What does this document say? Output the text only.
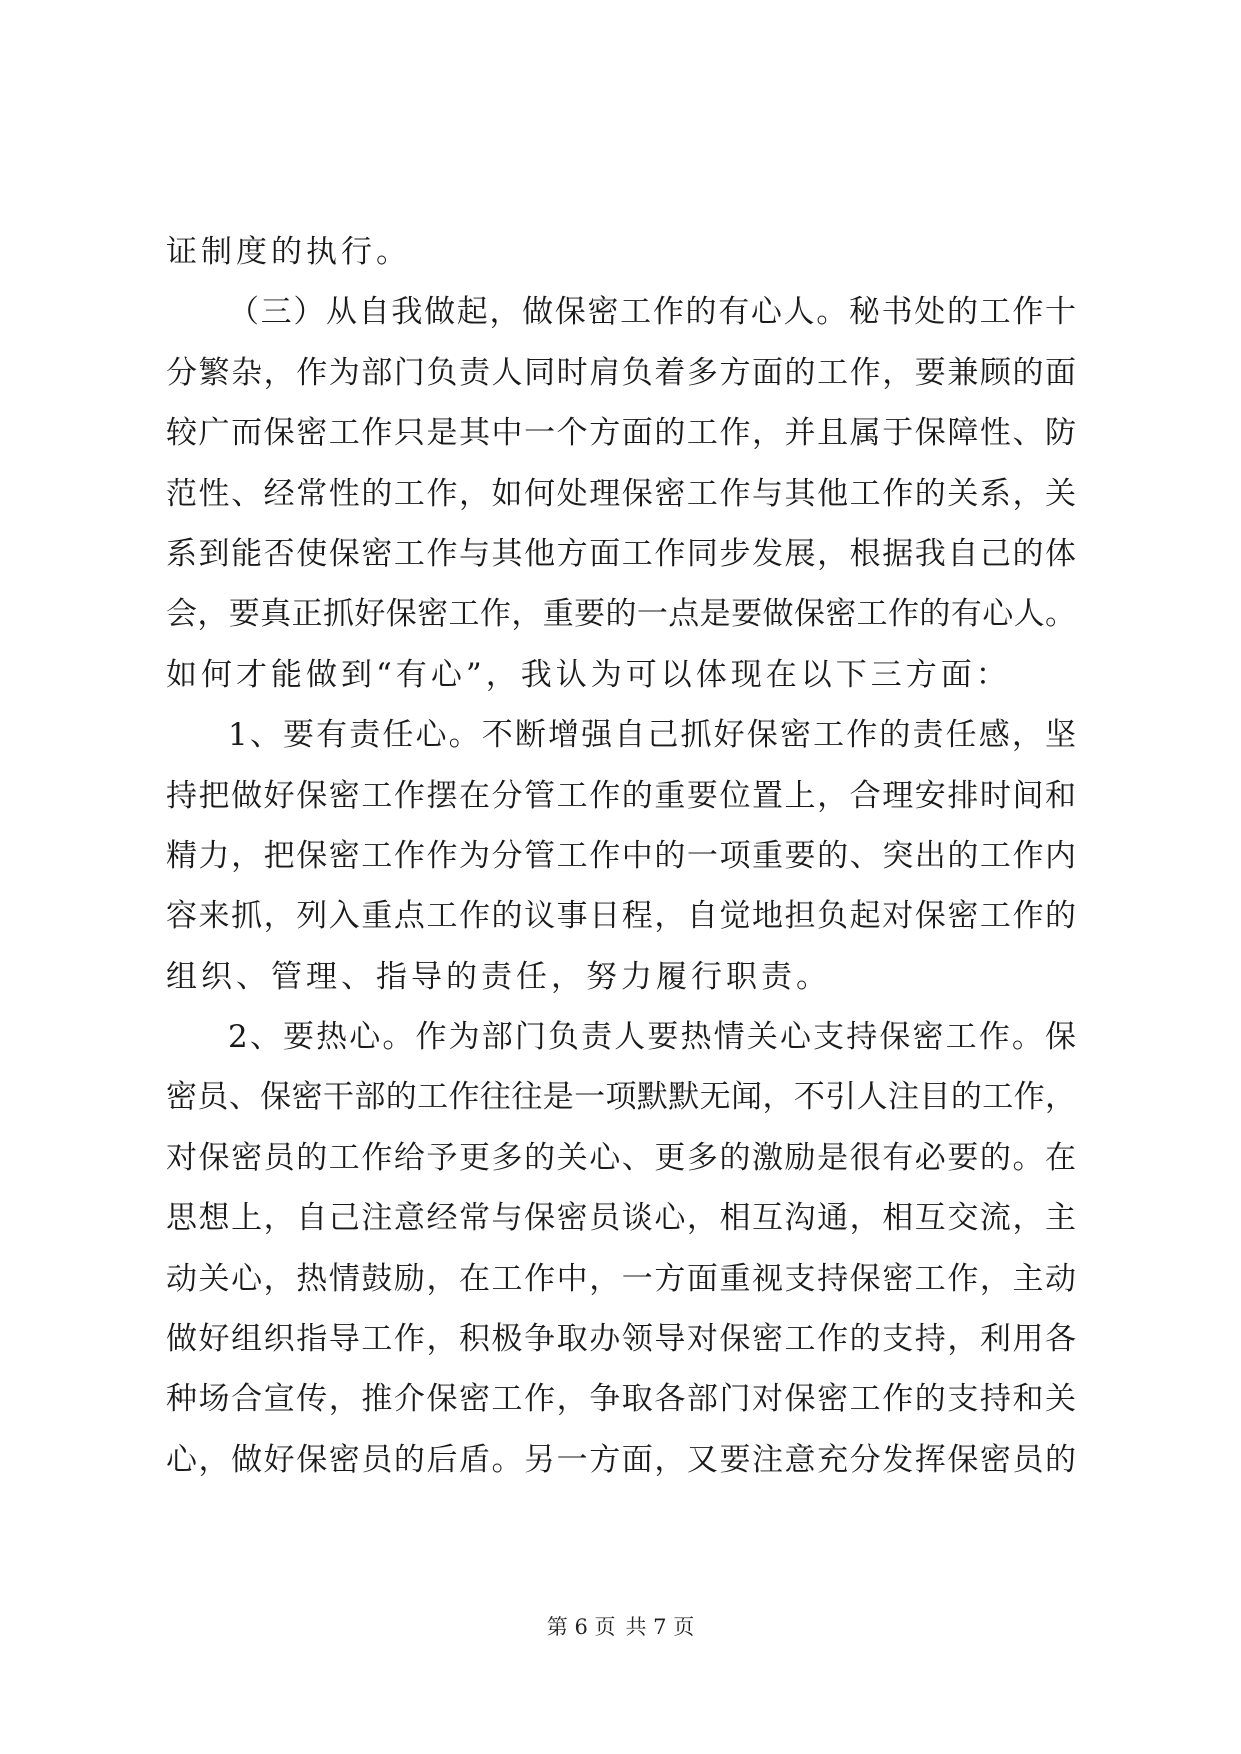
证制度的执行。
（三）从自我做起，做保密工作的有心人。秘书处的工作十
分繁杂，作为部门负责人同时肩负着多方面的工作，要兼顾的面
较广而保密工作只是其中一个方面的工作，并且属于保障性、防
范性、经常性的工作，如何处理保密工作与其他工作的关系，关
系到能否使保密工作与其他方面工作同步发展，根据我自己的体
会，要真正抓好保密工作，重要的一点是要做保密工作的有心人。
如何才能做到“有心”，我认为可以体现在以下三方面：
1、要有责任心。不断增强自己抓好保密工作的责任感，坚
持把做好保密工作摆在分管工作的重要位置上，合理安排时间和
精力，把保密工作作为分管工作中的一项重要的、突出的工作内
容来抓，列入重点工作的议事日程，自觉地担负起对保密工作的
组织、管理、指导的责任，努力履行职责。
2、要热心。作为部门负责人要热情关心支持保密工作。保
密员、保密干部的工作往往是一项默默无闻，不引人注目的工作，
对保密员的工作给予更多的关心、更多的激励是很有必要的。在
思想上，自己注意经常与保密员谈心，相互沟通，相互交流，主
动关心，热情鼓励，在工作中，一方面重视支持保密工作，主动
做好组织指导工作，积极争取办领导对保密工作的支持，利用各
种场合宣传，推介保密工作，争取各部门对保密工作的支持和关
心，做好保密员的后盾。另一方面，又要注意充分发挥保密员的
第 6 页 共 7 页
